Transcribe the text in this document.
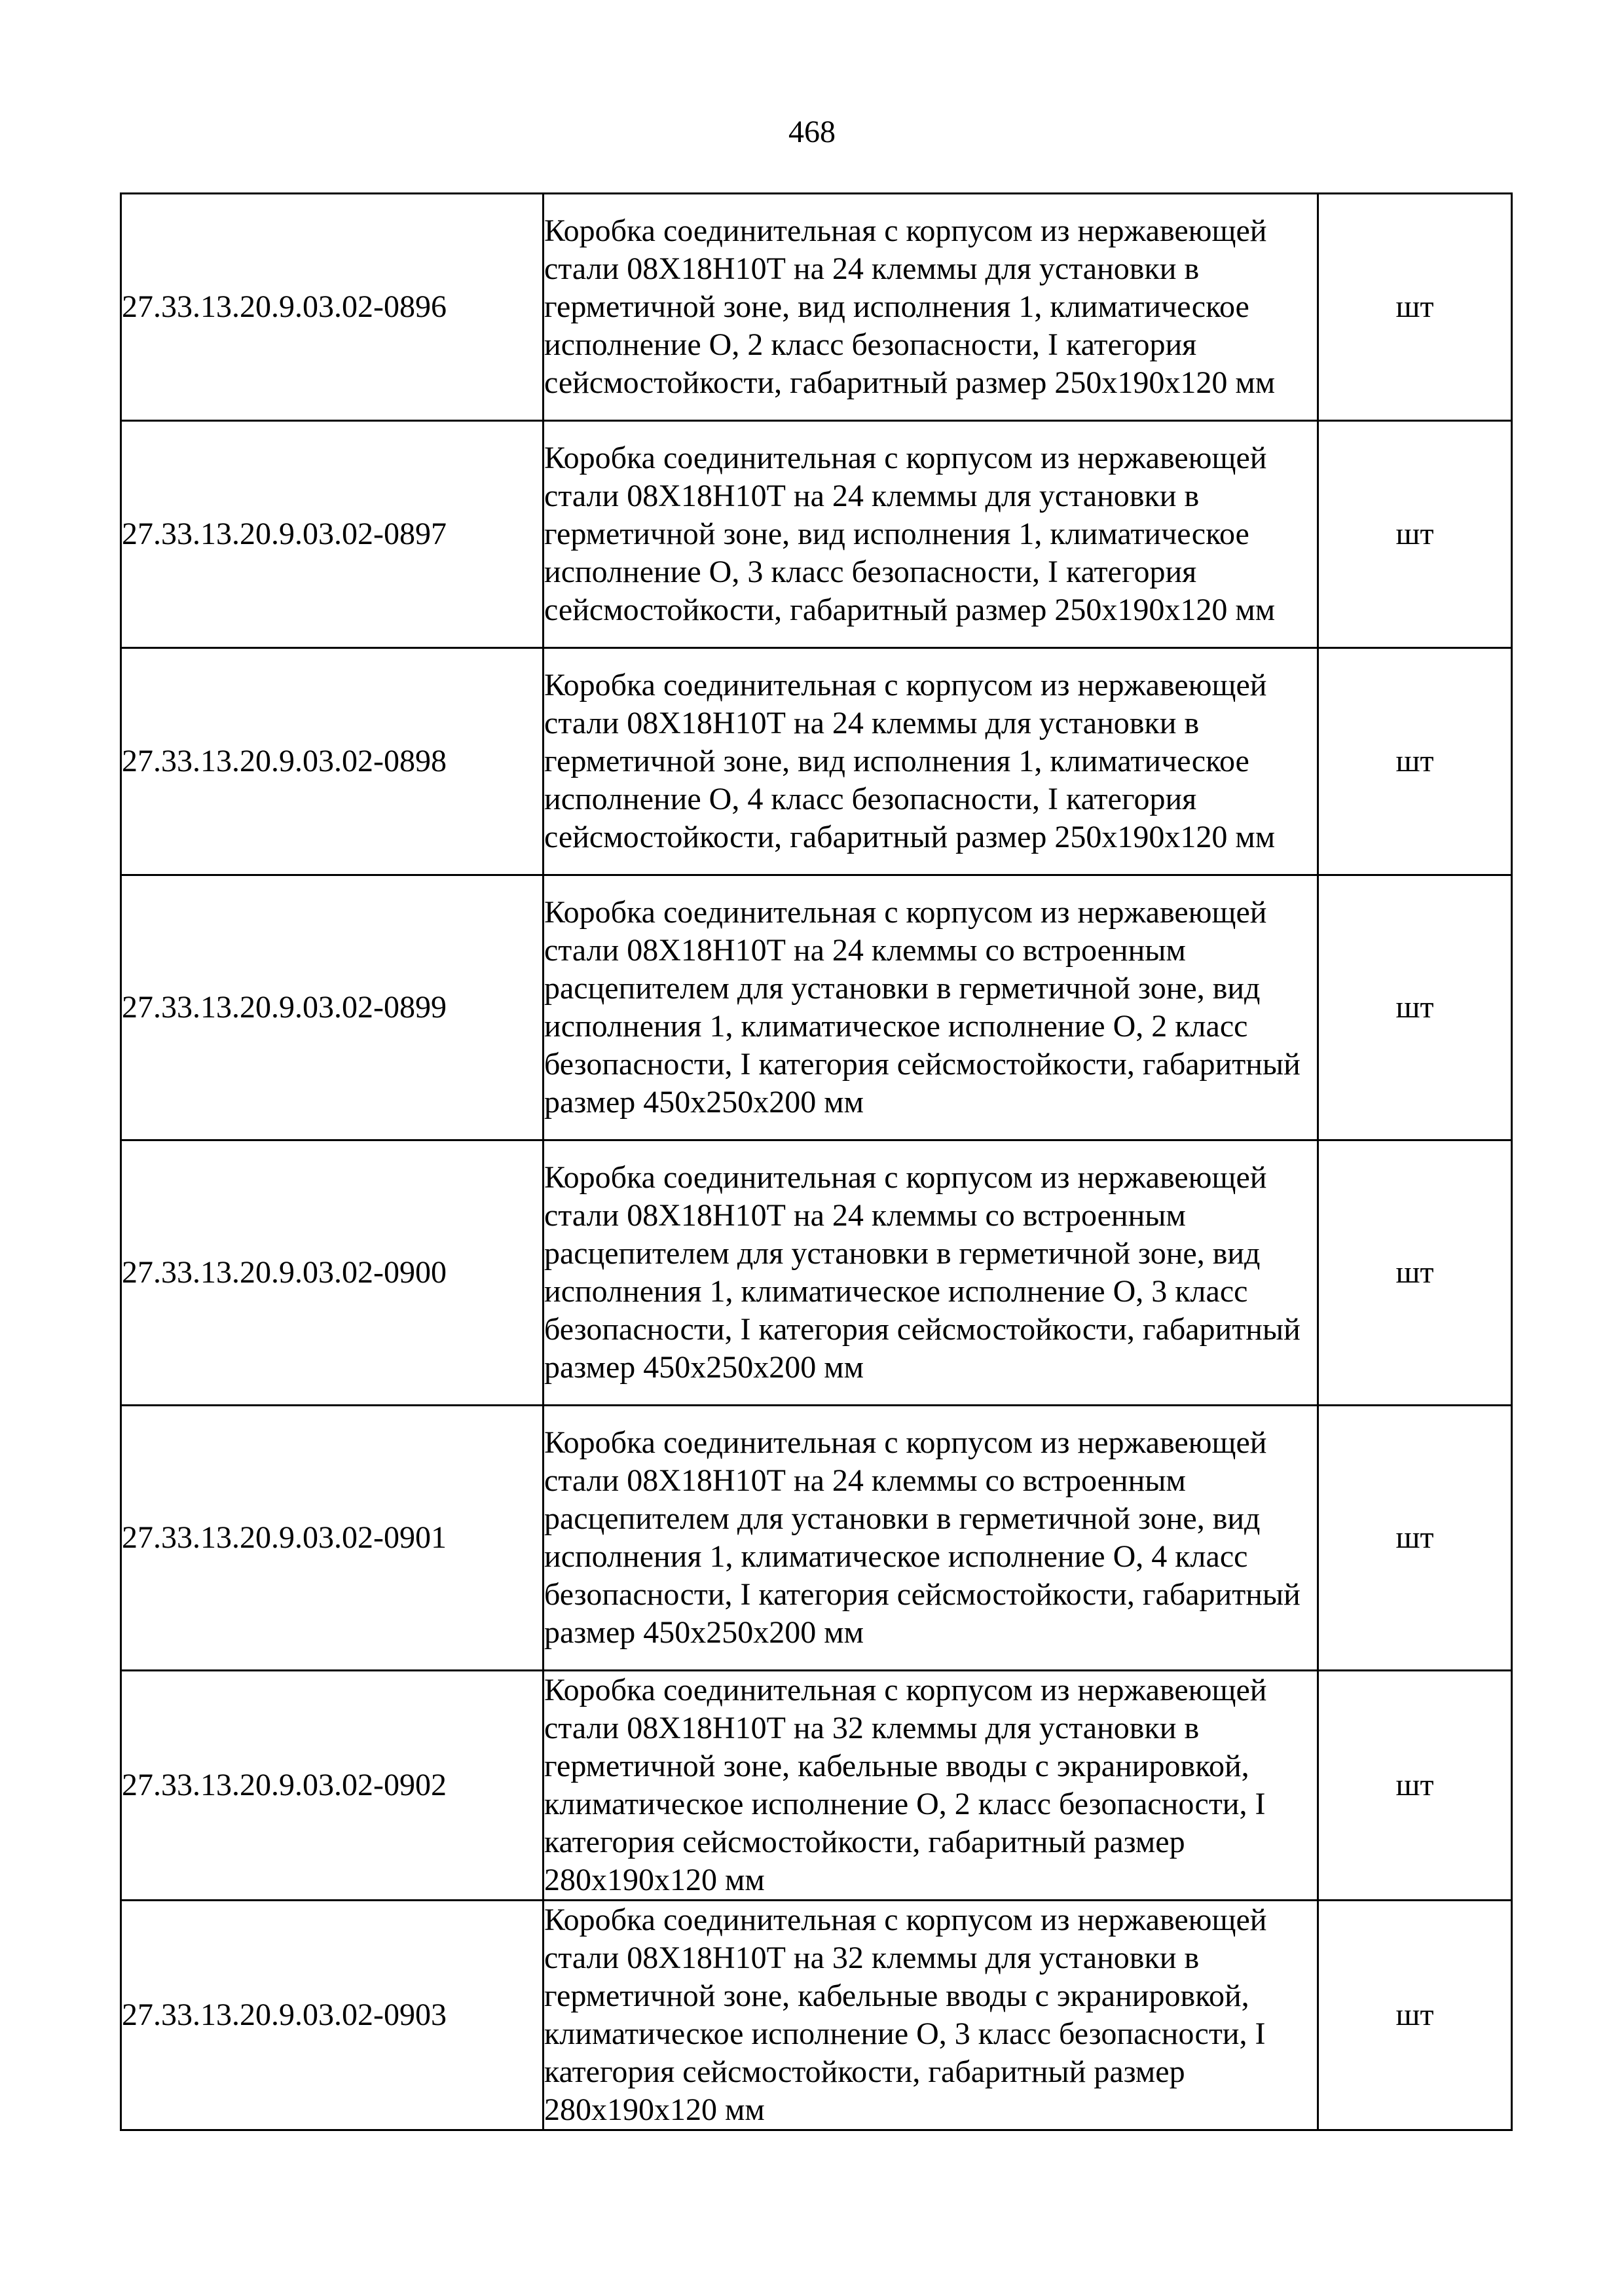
468
27.33.13.20.9.03.02-0896	Коробка соединительная с корпусом из нержавеющей стали 08Х18Н10Т на 24 клеммы для установки в герметичной зоне, вид исполнения 1, климатическое исполнение О, 2 класс безопасности, I категория сейсмостойкости, габаритный размер 250х190х120 мм	шт
27.33.13.20.9.03.02-0897	Коробка соединительная с корпусом из нержавеющей стали 08Х18Н10Т на 24 клеммы для установки в герметичной зоне, вид исполнения 1, климатическое исполнение О, 3 класс безопасности, I категория сейсмостойкости, габаритный размер 250х190х120 мм	шт
27.33.13.20.9.03.02-0898	Коробка соединительная с корпусом из нержавеющей стали 08Х18Н10Т на 24 клеммы для установки в герметичной зоне, вид исполнения 1, климатическое исполнение О, 4 класс безопасности, I категория сейсмостойкости, габаритный размер 250х190х120 мм	шт
27.33.13.20.9.03.02-0899	Коробка соединительная с корпусом из нержавеющей стали 08Х18Н10Т на 24 клеммы со встроенным расцепителем для установки в герметичной зоне, вид исполнения 1, климатическое исполнение О, 2 класс безопасности, I категория сейсмостойкости, габаритный размер 450х250х200 мм	шт
27.33.13.20.9.03.02-0900	Коробка соединительная с корпусом из нержавеющей стали 08Х18Н10Т на 24 клеммы со встроенным расцепителем для установки в герметичной зоне, вид исполнения 1, климатическое исполнение О, 3 класс безопасности, I категория сейсмостойкости, габаритный размер 450х250х200 мм	шт
27.33.13.20.9.03.02-0901	Коробка соединительная с корпусом из нержавеющей стали 08Х18Н10Т на 24 клеммы со встроенным расцепителем для установки в герметичной зоне, вид исполнения 1, климатическое исполнение О, 4 класс безопасности, I категория сейсмостойкости, габаритный размер 450х250х200 мм	шт
27.33.13.20.9.03.02-0902	Коробка соединительная с корпусом из нержавеющей стали 08Х18Н10Т на 32 клеммы для установки в герметичной зоне, кабельные вводы с экранировкой, климатическое исполнение О, 2 класс безопасности, I категория сейсмостойкости, габаритный размер 280х190х120 мм	шт
27.33.13.20.9.03.02-0903	Коробка соединительная с корпусом из нержавеющей стали 08Х18Н10Т на 32 клеммы для установки в герметичной зоне, кабельные вводы с экранировкой, климатическое исполнение О, 3 класс безопасности, I категория сейсмостойкости, габаритный размер 280х190х120 мм	шт
